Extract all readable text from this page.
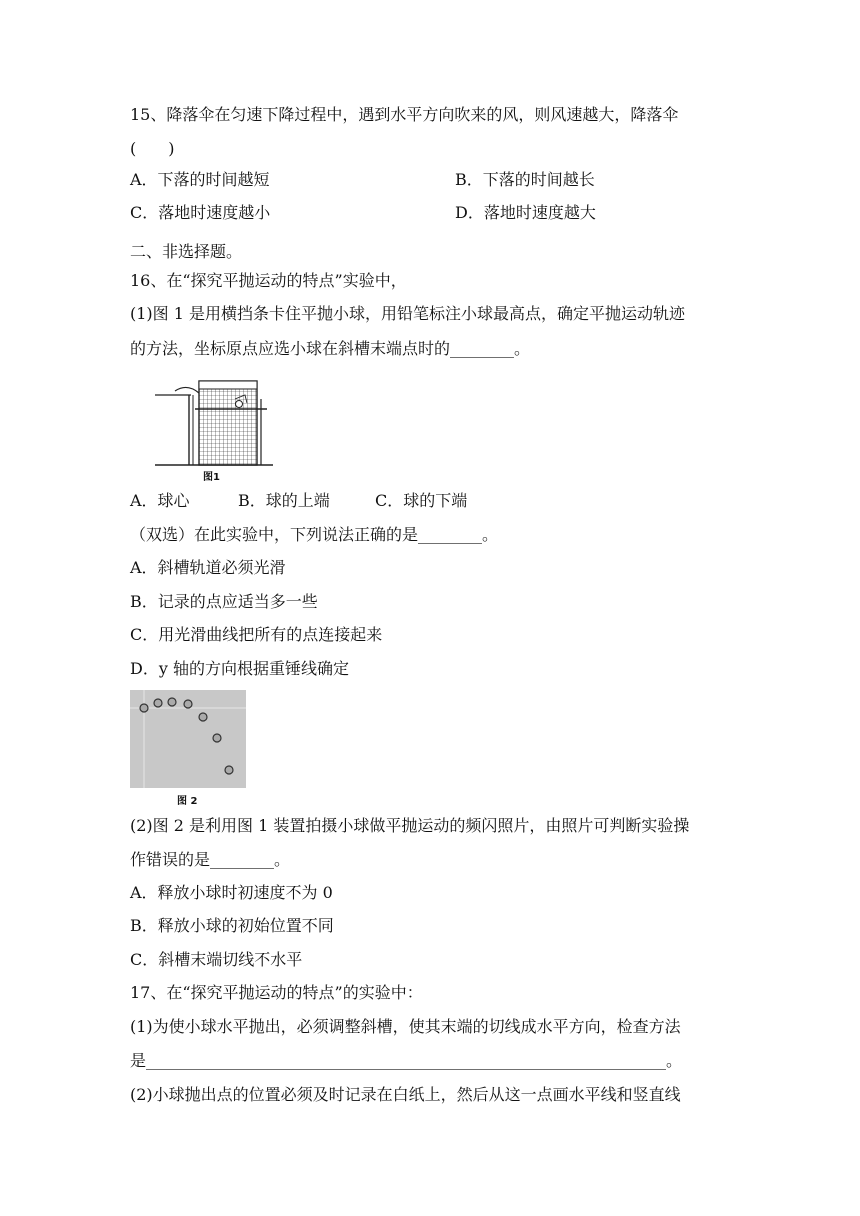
15、降落伞在匀速下降过程中，遇到水平方向吹来的风，则风速越大，降落伞
(　　)
A．下落的时间越短	B．下落的时间越长
C．落地时速度越小	D．落地时速度越大
二、非选择题。
16、在“探究平抛运动的特点”实验中，
(1)图 1 是用横挡条卡住平抛小球，用铅笔标注小球最高点，确定平抛运动轨迹
的方法，坐标原点应选小球在斜槽末端点时的________。
图1
A．球心	B．球的上端	C．球的下端
（双选）在此实验中，下列说法正确的是________。
A．斜槽轨道必须光滑
B．记录的点应适当多一些
C．用光滑曲线把所有的点连接起来
D．y 轴的方向根据重锤线确定
图 2
(2)图 2 是利用图 1 装置拍摄小球做平抛运动的频闪照片，由照片可判断实验操
作错误的是________。
A．释放小球时初速度不为 0
B．释放小球的初始位置不同
C．斜槽末端切线不水平
17、在“探究平抛运动的特点”的实验中：
(1)为使小球水平抛出，必须调整斜槽，使其末端的切线成水平方向，检查方法
是_________________________________________________________________。
(2)小球抛出点的位置必须及时记录在白纸上，然后从这一点画水平线和竖直线
